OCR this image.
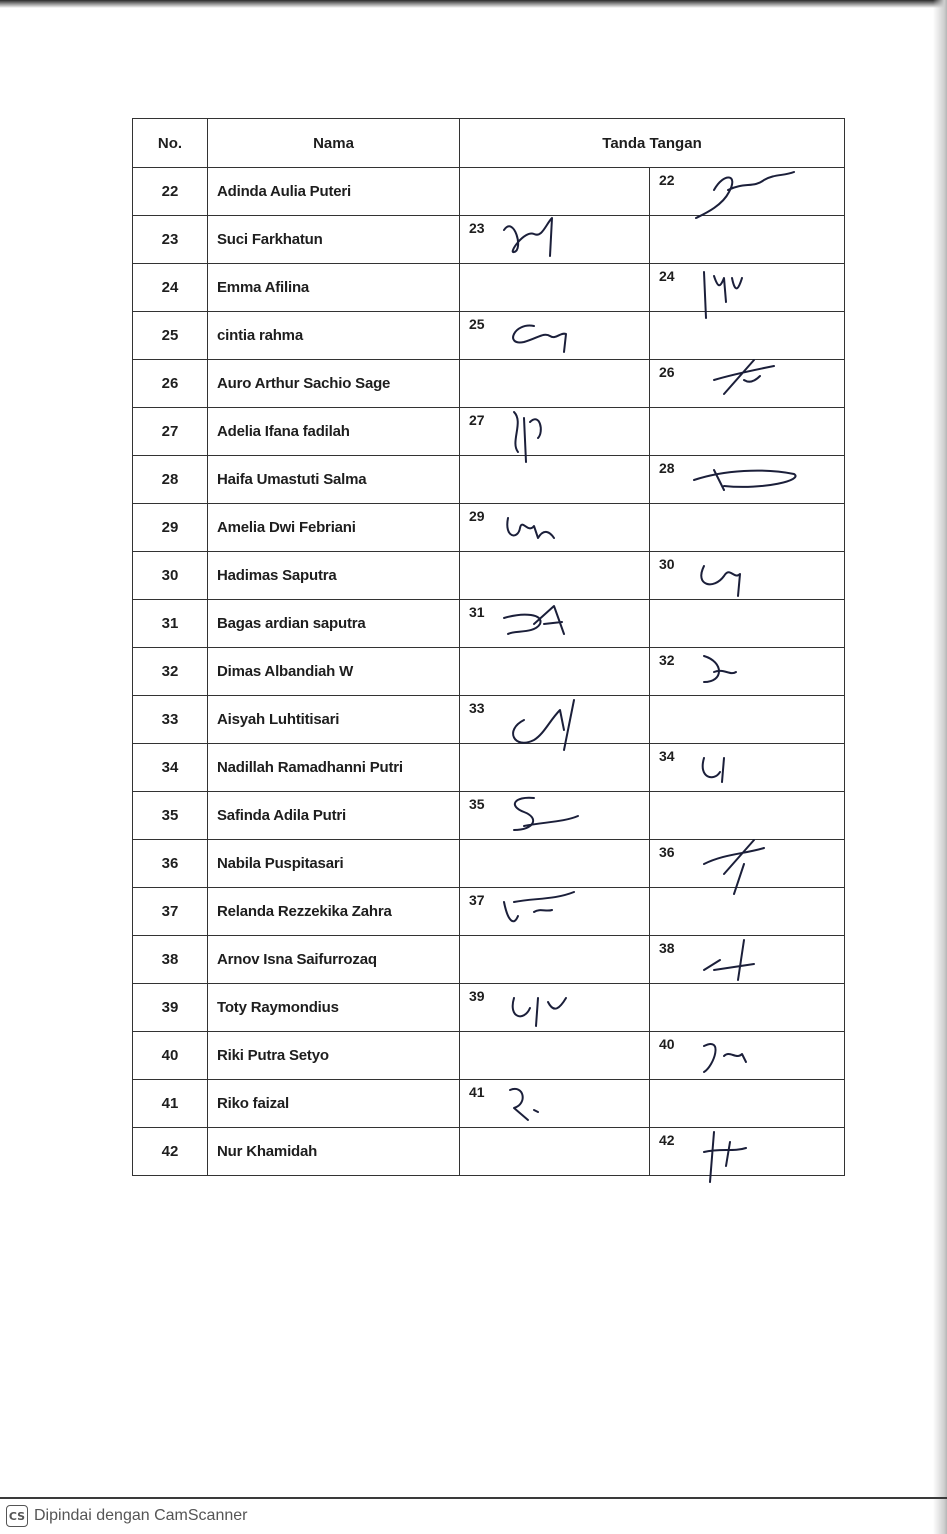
No.	Nama	Tanda Tangan	
22	Adinda Aulia Puteri		22

23	Suci Farkhatun	23	

24	Emma Afilina		24

25	cintia rahma	25	

26	Auro Arthur Sachio Sage		26

27	Adelia Ifana fadilah	27	

28	Haifa Umastuti Salma		28

29	Amelia Dwi Febriani	29	

30	Hadimas Saputra		30

31	Bagas ardian saputra	31	

32	Dimas Albandiah W		32

33	Aisyah Luhtitisari	33	

34	Nadillah Ramadhanni Putri		34

35	Safinda Adila Putri	35	

36	Nabila Puspitasari		36

37	Relanda Rezzekika Zahra	37	

38	Arnov Isna Saifurrozaq		38

39	Toty Raymondius	39	

40	Riki Putra Setyo		40

41	Riko faizal	41	

42	Nur Khamidah		42
CS Dipindai dengan CamScanner
